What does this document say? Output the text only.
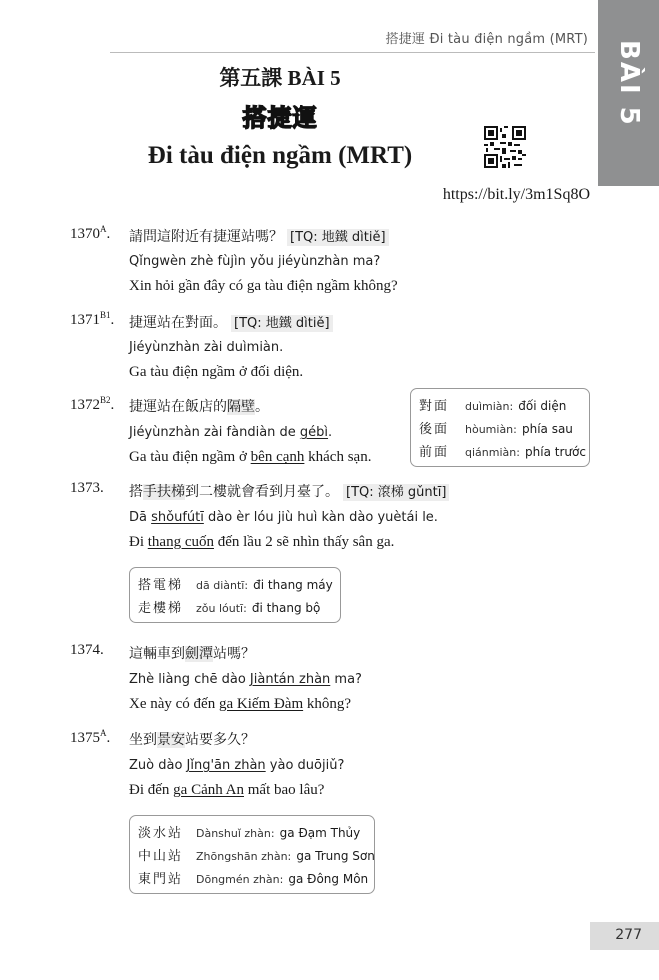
搭捷運 Đi tàu điện ngầm (MRT)
BÀI 5
第五課 BÀI 5
搭捷運
Đi tàu điện ngầm (MRT)
https://bit.ly/3m1Sq8O
$1370^A$. 請問這附近有捷運站嗎？ [TQ: 地鐵 dìtiě]
Qǐngwèn zhè fùjìn yǒu jiéyùnzhàn ma?
Xin hỏi gần đây có ga tàu điện ngầm không?
$1371^{B1}$. 捷運站在對面。 [TQ: 地鐵 dìtiě]
Jiéyùnzhàn zài duìmiàn.
Ga tàu điện ngầm ở đối diện.
$1372^{B2}$. 捷運站在飯店的隔壁。
Jiéyùnzhàn zài fàndiàn de gébì.
Ga tàu điện ngầm ở bên cạnh khách sạn.
對面 duìmiàn: đối diện
後面 hòumiàn: phía sau
前面 qiánmiàn: phía trước
1373. 搭手扶梯到二樓就會看到月臺了。 [TQ: 滾梯 gǔntī]
Dā shǒufútī dào èr lóu jiù huì kàn dào yuètái le.
Đi thang cuốn đến lầu 2 sẽ nhìn thấy sân ga.
搭電梯 dā diàntī: đi thang máy
走樓梯 zǒu lóutī: đi thang bộ
1374. 這輛車到劍潭站嗎？
Zhè liàng chē dào Jiàntán zhàn ma?
Xe này có đến ga Kiếm Đàm không?
$1375^A$. 坐到景安站要多久？
Zuò dào Jǐng'ān zhàn yào duōjiǔ?
Đi đến ga Cảnh An mất bao lâu?
淡水站 Dànshuǐ zhàn: ga Đạm Thủy
中山站 Zhōngshān zhàn: ga Trung Sơn
東門站 Dōngmén zhàn: ga Đông Môn
277
